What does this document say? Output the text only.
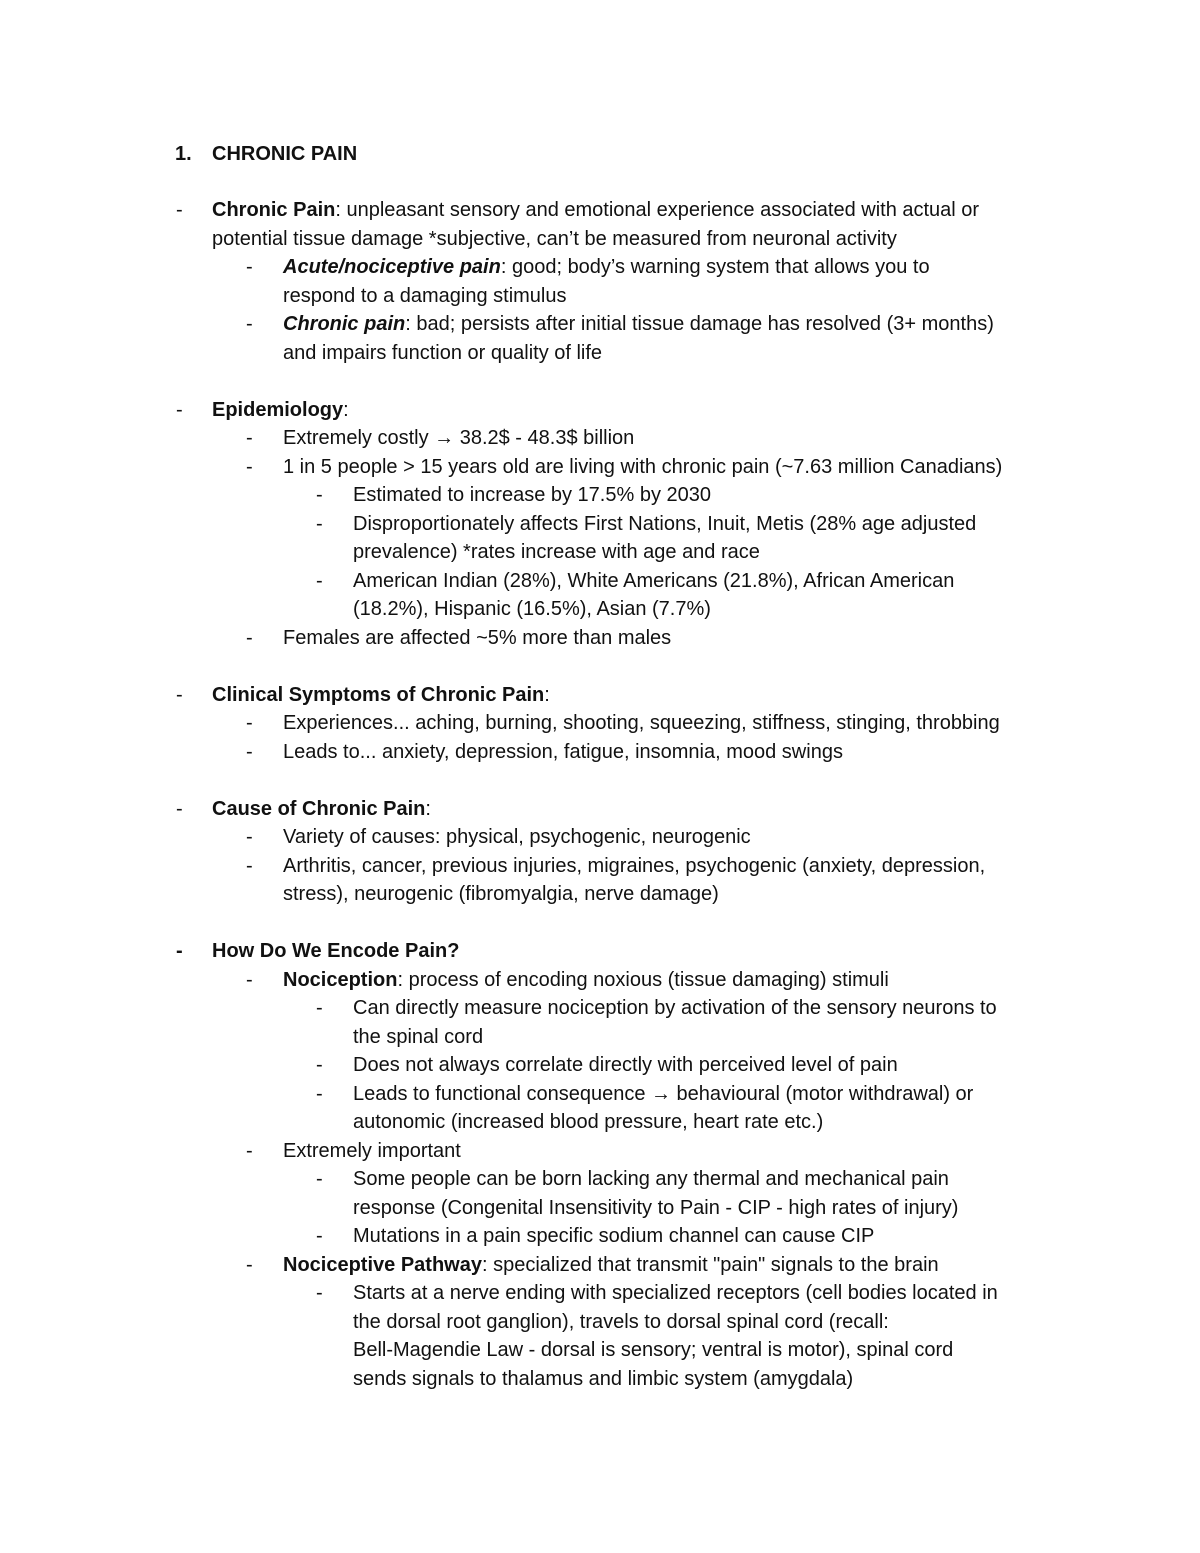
1. CHRONIC PAIN
- Chronic Pain: unpleasant sensory and emotional experience associated with actual or
potential tissue damage *subjective, can’t be measured from neuronal activity
- Acute/nociceptive pain: good; body’s warning system that allows you to
respond to a damaging stimulus
- Chronic pain: bad; persists after initial tissue damage has resolved (3+ months)
and impairs function or quality of life
- Epidemiology:
- Extremely costly → 38.2$ - 48.3$ billion
- 1 in 5 people > 15 years old are living with chronic pain (~7.63 million Canadians)
- Estimated to increase by 17.5% by 2030
- Disproportionately affects First Nations, Inuit, Metis (28% age adjusted
prevalence) *rates increase with age and race
- American Indian (28%), White Americans (21.8%), African American
(18.2%), Hispanic (16.5%), Asian (7.7%)
- Females are affected ~5% more than males
- Clinical Symptoms of Chronic Pain:
- Experiences... aching, burning, shooting, squeezing, stiffness, stinging, throbbing
- Leads to... anxiety, depression, fatigue, insomnia, mood swings
- Cause of Chronic Pain:
- Variety of causes: physical, psychogenic, neurogenic
- Arthritis, cancer, previous injuries, migraines, psychogenic (anxiety, depression,
stress), neurogenic (fibromyalgia, nerve damage)
- How Do We Encode Pain?
- Nociception: process of encoding noxious (tissue damaging) stimuli
- Can directly measure nociception by activation of the sensory neurons to
the spinal cord
- Does not always correlate directly with perceived level of pain
- Leads to functional consequence → behavioural (motor withdrawal) or
autonomic (increased blood pressure, heart rate etc.)
- Extremely important
- Some people can be born lacking any thermal and mechanical pain
response (Congenital Insensitivity to Pain - CIP - high rates of injury)
- Mutations in a pain specific sodium channel can cause CIP
- Nociceptive Pathway: specialized that transmit "pain" signals to the brain
- Starts at a nerve ending with specialized receptors (cell bodies located in
the dorsal root ganglion), travels to dorsal spinal cord (recall:
Bell-Magendie Law - dorsal is sensory; ventral is motor), spinal cord
sends signals to thalamus and limbic system (amygdala)
